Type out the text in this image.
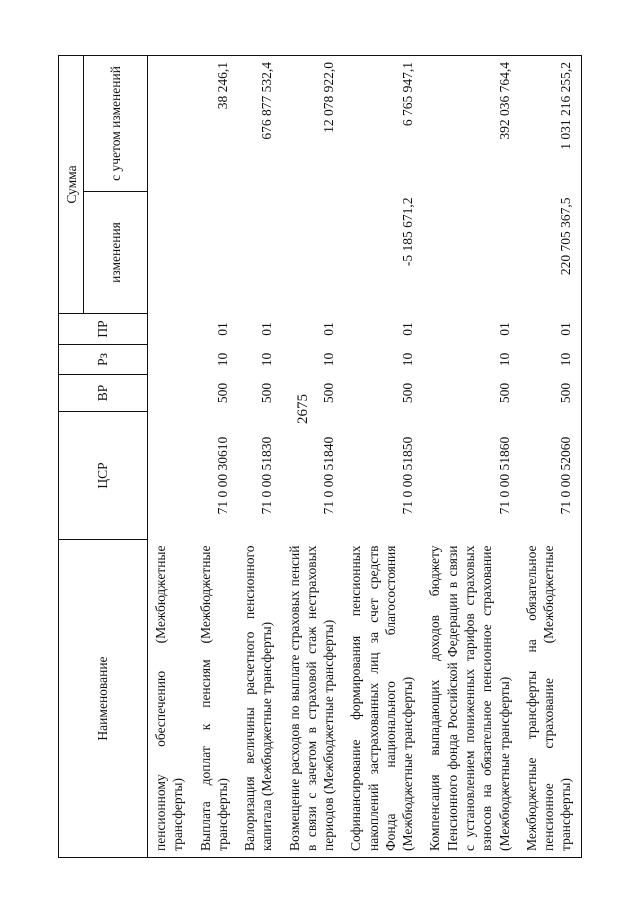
2675
Наименование	ЦСР	ВР	Рз	ПР	Сумма	
					изменения	с учетом изменений
пенсионному обеспечению (Межбюджетные трансферты)						
Выплата доплат к пенсиям (Межбюджетные трансферты)	71 0 00 30610	500	10	01		38 246,1
Валоризация величины расчетного пенсионного капитала (Межбюджетные трансферты)	71 0 00 51830	500	10	01		676 877 532,4
Возмещение расходов по выплате страховых пенсий в связи с зачетом в страховой стаж нестраховых периодов (Межбюджетные трансферты)	71 0 00 51840	500	10	01		12 078 922,0
Софинансирование формирования пенсионных накоплений застрахованных лиц за счет средств Фонда национального благосостояния (Межбюджетные трансферты)	71 0 00 51850	500	10	01	-5 185 671,2	6 765 947,1
Компенсация выпадающих доходов бюджету Пенсионного фонда Российской Федерации в связи с установлением пониженных тарифов страховых взносов на обязательное пенсионное страхование (Межбюджетные трансферты)	71 0 00 51860	500	10	01		392 036 764,4
Межбюджетные трансферты на обязательное пенсионное страхование (Межбюджетные трансферты)	71 0 00 52060	500	10	01	220 705 367,5	1 031 216 255,2
